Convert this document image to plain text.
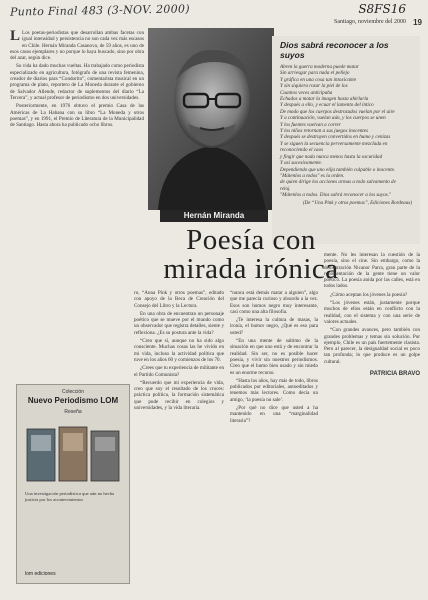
Punto Final 483 (3-NOV. 2000)	S8FS16
Santiago, noviembre del 2000 19

L Los poetas-periodistas que desarrollan ambas facetas con igual intensidad y persistencia no son cada vez más escasos en Chile. Hernán Miranda Casanova, de 59 años, es uno de esos casos ejemplares y no porque lo haya buscado, sino por obra del azar, según dice.

Su vida ha dado muchas vueltas. Ha trabajado como periodista especializado en agricultura, fotógrafo de una revista femenina, creador de diarios para “Condorito”, comentarista musical en un programa de plato, reportero de La Moneda durante el gobierno de Salvador Allende, redactor de suplementos del diario “La Tercera”, y actual profesor de periodismo en dos universidades.

Posteriormente, en 1976 obtuvo el premio Casa de las Américas de La Habana con su libro “La Moneda y otros poemas”, y en 1991, el Premio de Literatura de la Municipalidad de Santiago. Hasta ahora ha publicado ocho libros.

Dios sabrá reconocer a los suyos
Abren la guerra moderna puede matar
Sin arriesgar para nada el pellejo
Y gráfica en una cosa tan intoxicante
Y sin siquiera rozar la piel de los
Cuantos veces anticipaba
Echados a matar la imagen hasta ahirlarla
Y después a ello, y ecuar el lamento del íntico
De modo que los cuerpos destrozados vuelan por el aire
Y a continuación, vuelan aún, y los cuerpos se unen
Y los fuentes vuelvan a correr
Y los niños retornan a sus juegos inocentes
Y después se destruyen convertidos en humo y cenizas
Y se siguen la secuencia perversamente mezclada en
reconociendo el caos
y fingir que nada nunca menos hasta la oscuridad
Y así sucesivamente.
Dependiendo que uno elija también culpable o inocente.
"Mátenlos a todos" es la orden.
de quien dirige los acciones armas a todo salvamento de
reloj.
"Mátenlos a todos. Dios sabrá reconocer a los suyos."
(De “Una Pink y otros poemas”, Ediciones Bordeaux)
Hernán Miranda
Poesía con
mirada irónica

ro, “Anna Pink y otros poemas”, editado con apoyo de la Beca de Creación del Consejo del Libro y la Lectura.

En una obra de encuentran un personaje poético que se mueve por el mundo como un observador que registra detalles, siente y reflexiona. ¿Es su postura ante la vida?

“Creo que sí, aunque no ha sido algo consciente. Muchas cosas las he vivido en mi vida, incluso la actividad política que tuve en los años 60 y comienzos de los 70.

¿Crees que tu experiencia de militante en el Partido Comunista?

“Recuerdo que mi experiencia de vida, creo que soy el resultado de los cruces: práctica política, la formación sistemática que pude recibir en colegios y universidades, y la vida literaria.

“nunca está demás matar a alguien”, algo que me parecía curioso y absurdo a la vez. Esos son humos negro muy interesante, casi como una alta filosofía.

¿Te interesa la cultura de masas, la ironía, el humor negro, ¿Qué es eso para usted?

“En una mente de saltimo de la situación en que uno está y de encontrar la realidad. Sin ser, no es posible hacer poesía, y vivir sin nuestros periodismos. Creo que el humo bien usado y sin miedo es un enorme recurso.

“Hasta los años, hay más de todo, libros publicados por editoriales, autoeditados y tenemos más lectores. Como decía un amigo, ‘la poesía no sale’.

¿Por qué no dice que usted a ha mantenido en una “marginalidad literaria”?

mente. No les interesan la cuestión de la poesía, sino el cine. Sin embargo, como la demostración Nicanor Parra, gran parte de la representación de la gente tiene un valor poético. La poesía anida por las calles, está en todos lados.

¿Cómo aceptan los jóvenes la poesía?

“Los jóvenes están, justamente porque muchos de ellos están en conflicto con la realidad, con el sistema y con una serie de valores actuales.

“Con grandes avances, pero también con grandes problemas y temas sin solución. Por ejemplo, Chile es un país fuertemente clasista. Pero al parecer, la desigualdad social es poco tan profunda; lo que produce es un golpe cultural.

PATRICIA BRAVO
Colección
Nuevo Periodismo LOM
Reseña
Una investigación periodística que aún no hecha justicia por los acontecimientos
lom ediciones
